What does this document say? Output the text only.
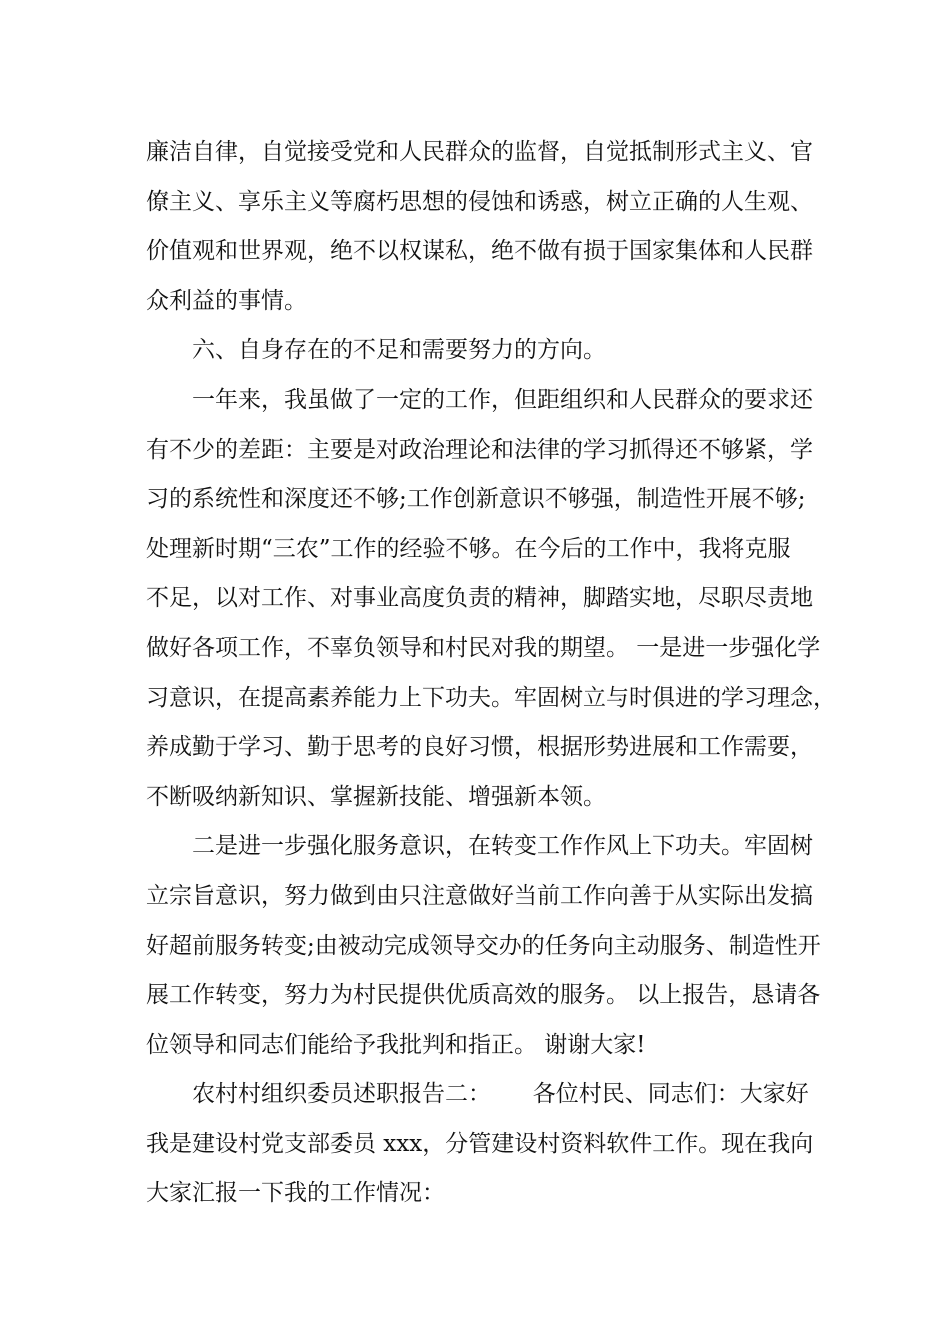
廉洁自律，自觉接受党和人民群众的监督，自觉抵制形式主义、官
僚主义、享乐主义等腐朽思想的侵蚀和诱惑，树立正确的人生观、
价值观和世界观，绝不以权谋私，绝不做有损于国家集体和人民群
众利益的事情。
　　六、自身存在的不足和需要努力的方向。
　　一年来，我虽做了一定的工作，但距组织和人民群众的要求还
有不少的差距：主要是对政治理论和法律的学习抓得还不够紧，学
习的系统性和深度还不够;工作创新意识不够强，制造性开展不够;
处理新时期“三农”工作的经验不够。在今后的工作中，我将克服
不足，以对工作、对事业高度负责的精神，脚踏实地，尽职尽责地
做好各项工作，不辜负领导和村民对我的期望。 一是进一步强化学
习意识，在提高素养能力上下功夫。牢固树立与时俱进的学习理念，
养成勤于学习、勤于思考的良好习惯，根据形势进展和工作需要，
不断吸纳新知识、掌握新技能、增强新本领。
　　二是进一步强化服务意识，在转变工作作风上下功夫。牢固树
立宗旨意识，努力做到由只注意做好当前工作向善于从实际出发搞
好超前服务转变;由被动完成领导交办的任务向主动服务、制造性开
展工作转变，努力为村民提供优质高效的服务。 以上报告，恳请各
位领导和同志们能给予我批判和指正。 谢谢大家!
　　农村村组织委员述职报告二：　　 各位村民、同志们：大家好
我是建设村党支部委员 xxx，分管建设村资料软件工作。现在我向
大家汇报一下我的工作情况：
